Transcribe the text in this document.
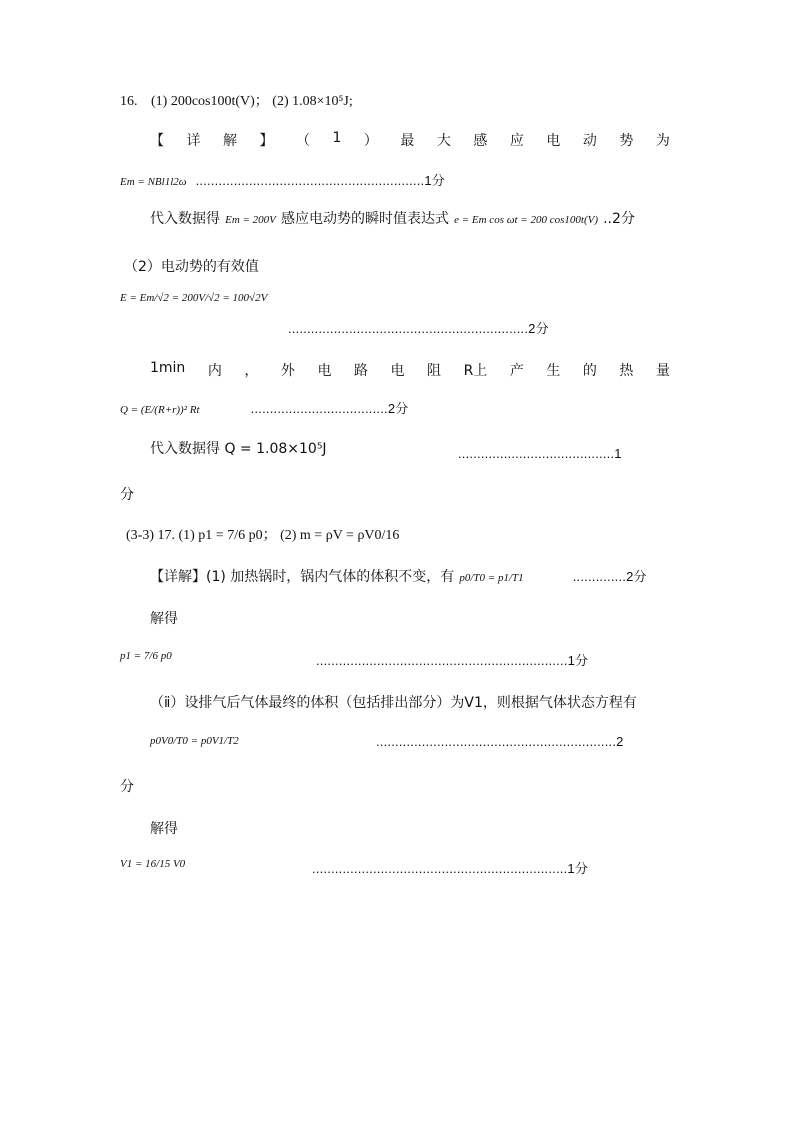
16. (1) 200cos100t(V)； (2) 1.08×10⁵J;
【 详 解 】 （ 1 ） 最 大 感 应 电 动 势 为
Em = NBl1l2ω ............................................................1分
代入数据得 Em = 200V 感应电动势的瞬时值表达式 e = Em cos ωt = 200 cos100t(V) ..2分
（2）电动势的有效值
E = Em/√2 = 200V/√2 = 100√2V
...............................................................2分
1min 内 ， 外 电 路 电 阻 R上 产 生 的 热 量
Q = (E/(R+r))² Rt	....................................2分
代入数据得 Q = 1.08×10⁵J	.........................................1
分
(3-3) 17. (1) p1 = 7/6 p0； (2) m = ρV = ρV0/16
【详解】(1) 加热锅时，锅内气体的体积不变，有 p0/T0 = p1/T1	..............2分
解得
p1 = 7/6 p0	..................................................................1分
（ⅱ）设排气后气体最终的体积（包括排出部分）为V1，则根据气体状态方程有
p0V0/T0 = p0V1/T2	...............................................................2
分
解得
V1 = 16/15 V0	...................................................................1分
